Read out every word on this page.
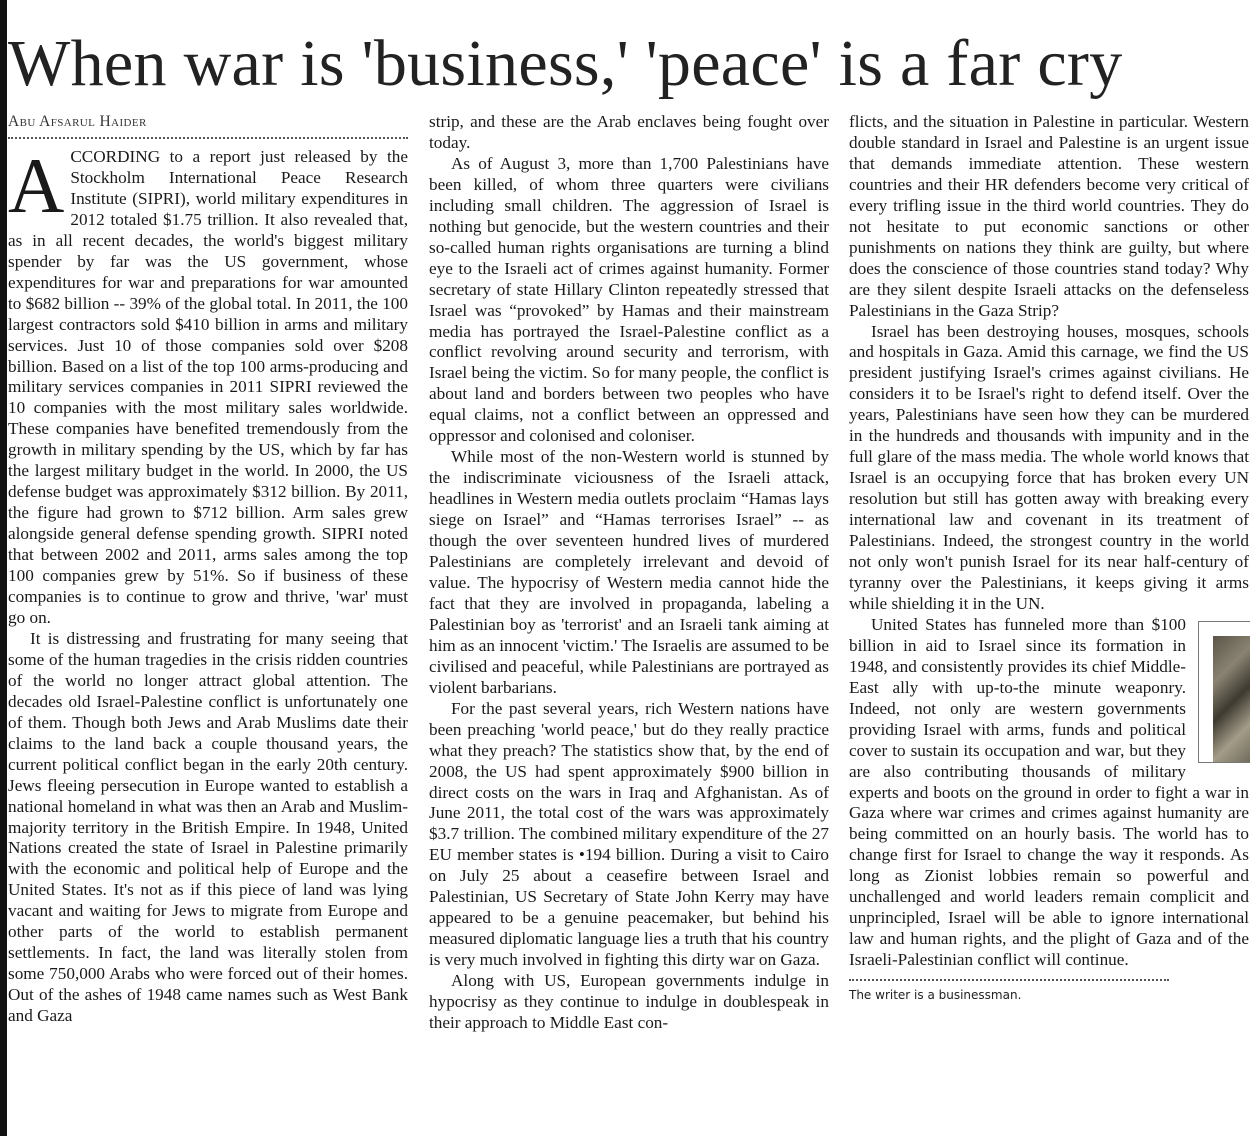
When war is 'business,' 'peace' is a far cry
Abu Afsarul Haider

ACCORDING to a report just released by the Stockholm International Peace Research Institute (SIPRI), world military expenditures in 2012 totaled $1.75 trillion. It also revealed that, as in all recent decades, the world's biggest military spender by far was the US government, whose expenditures for war and preparations for war amounted to $682 billion -- 39% of the global total. In 2011, the 100 largest contractors sold $410 billion in arms and military services. Just 10 of those companies sold over $208 billion. Based on a list of the top 100 arms-producing and military services companies in 2011 SIPRI reviewed the 10 companies with the most military sales worldwide. These companies have benefited tremendously from the growth in military spending by the US, which by far has the largest military budget in the world. In 2000, the US defense budget was approximately $312 billion. By 2011, the figure had grown to $712 billion. Arm sales grew alongside general defense spending growth. SIPRI noted that between 2002 and 2011, arms sales among the top 100 companies grew by 51%. So if business of these companies is to continue to grow and thrive, 'war' must go on.

It is distressing and frustrating for many seeing that some of the human tragedies in the crisis ridden countries of the world no longer attract global attention. The decades old Israel-Palestine conflict is unfortunately one of them. Though both Jews and Arab Muslims date their claims to the land back a couple thousand years, the current political conflict began in the early 20th century. Jews fleeing persecution in Europe wanted to establish a national homeland in what was then an Arab and Muslim-majority territory in the British Empire. In 1948, United Nations created the state of Israel in Palestine primarily with the economic and political help of Europe and the United States. It's not as if this piece of land was lying vacant and waiting for Jews to migrate from Europe and other parts of the world to establish permanent settlements. In fact, the land was literally stolen from some 750,000 Arabs who were forced out of their homes. Out of the ashes of 1948 came names such as West Bank and Gaza

strip, and these are the Arab enclaves being fought over today.

As of August 3, more than 1,700 Palestinians have been killed, of whom three quarters were civilians including small children. The aggression of Israel is nothing but genocide, but the western countries and their so-called human rights organisations are turning a blind eye to the Israeli act of crimes against humanity. Former secretary of state Hillary Clinton repeatedly stressed that Israel was “provoked” by Hamas and their mainstream media has portrayed the Israel-Palestine conflict as a conflict revolving around security and terrorism, with Israel being the victim. So for many people, the conflict is about land and borders between two peoples who have equal claims, not a conflict between an oppressed and oppressor and colonised and coloniser.

While most of the non-Western world is stunned by the indiscriminate viciousness of the Israeli attack, headlines in Western media outlets proclaim “Hamas lays siege on Israel” and “Hamas terrorises Israel” -- as though the over seventeen hundred lives of murdered Palestinians are completely irrelevant and devoid of value. The hypocrisy of Western media cannot hide the fact that they are involved in propaganda, labeling a Palestinian boy as 'terrorist' and an Israeli tank aiming at him as an innocent 'victim.' The Israelis are assumed to be civilised and peaceful, while Palestinians are portrayed as violent barbarians.

For the past several years, rich Western nations have been preaching 'world peace,' but do they really practice what they preach? The statistics show that, by the end of 2008, the US had spent approximately $900 billion in direct costs on the wars in Iraq and Afghanistan. As of June 2011, the total cost of the wars was approximately $3.7 trillion. The combined military expenditure of the 27 EU member states is •194 billion. During a visit to Cairo on July 25 about a ceasefire between Israel and Palestinian, US Secretary of State John Kerry may have appeared to be a genuine peacemaker, but behind his measured diplomatic language lies a truth that his country is very much involved in fighting this dirty war on Gaza.

Along with US, European governments indulge in hypocrisy as they continue to indulge in doublespeak in their approach to Middle East con-

flicts, and the situation in Palestine in particular. Western double standard in Israel and Palestine is an urgent issue that demands immediate attention. These western countries and their HR defenders become very critical of every trifling issue in the third world countries. They do not hesitate to put economic sanctions or other punishments on nations they think are guilty, but where does the conscience of those countries stand today? Why are they silent despite Israeli attacks on the defenseless Palestinians in the Gaza Strip?

Israel has been destroying houses, mosques, schools and hospitals in Gaza. Amid this carnage, we find the US president justifying Israel's crimes against civilians. He considers it to be Israel's right to defend itself. Over the years, Palestinians have seen how they can be murdered in the hundreds and thousands with impunity and in the full glare of the mass media. The whole world knows that Israel is an occupying force that has broken every UN resolution but still has gotten away with breaking every international law and covenant in its treatment of Palestinians. Indeed, the strongest country in the world not only won't punish Israel for its near half-century of tyranny over the Palestinians, it keeps giving it arms while shielding it in the UN.

United States has funneled more than $100 billion in aid to Israel since its formation in 1948, and consistently provides its chief Middle-East ally with up-to-the minute weaponry. Indeed, not only are western governments providing Israel with arms, funds and political cover to sustain its occupation and war, but they are also contributing thousands of military experts and boots on the ground in order to fight a war in Gaza where war crimes and crimes against humanity are being committed on an hourly basis. The world has to change first for Israel to change the way it responds. As long as Zionist lobbies remain so powerful and unchallenged and world leaders remain complicit and unprincipled, Israel will be able to ignore international law and human rights, and the plight of Gaza and of the Israeli-Palestinian conflict will continue.

The writer is a businessman.
